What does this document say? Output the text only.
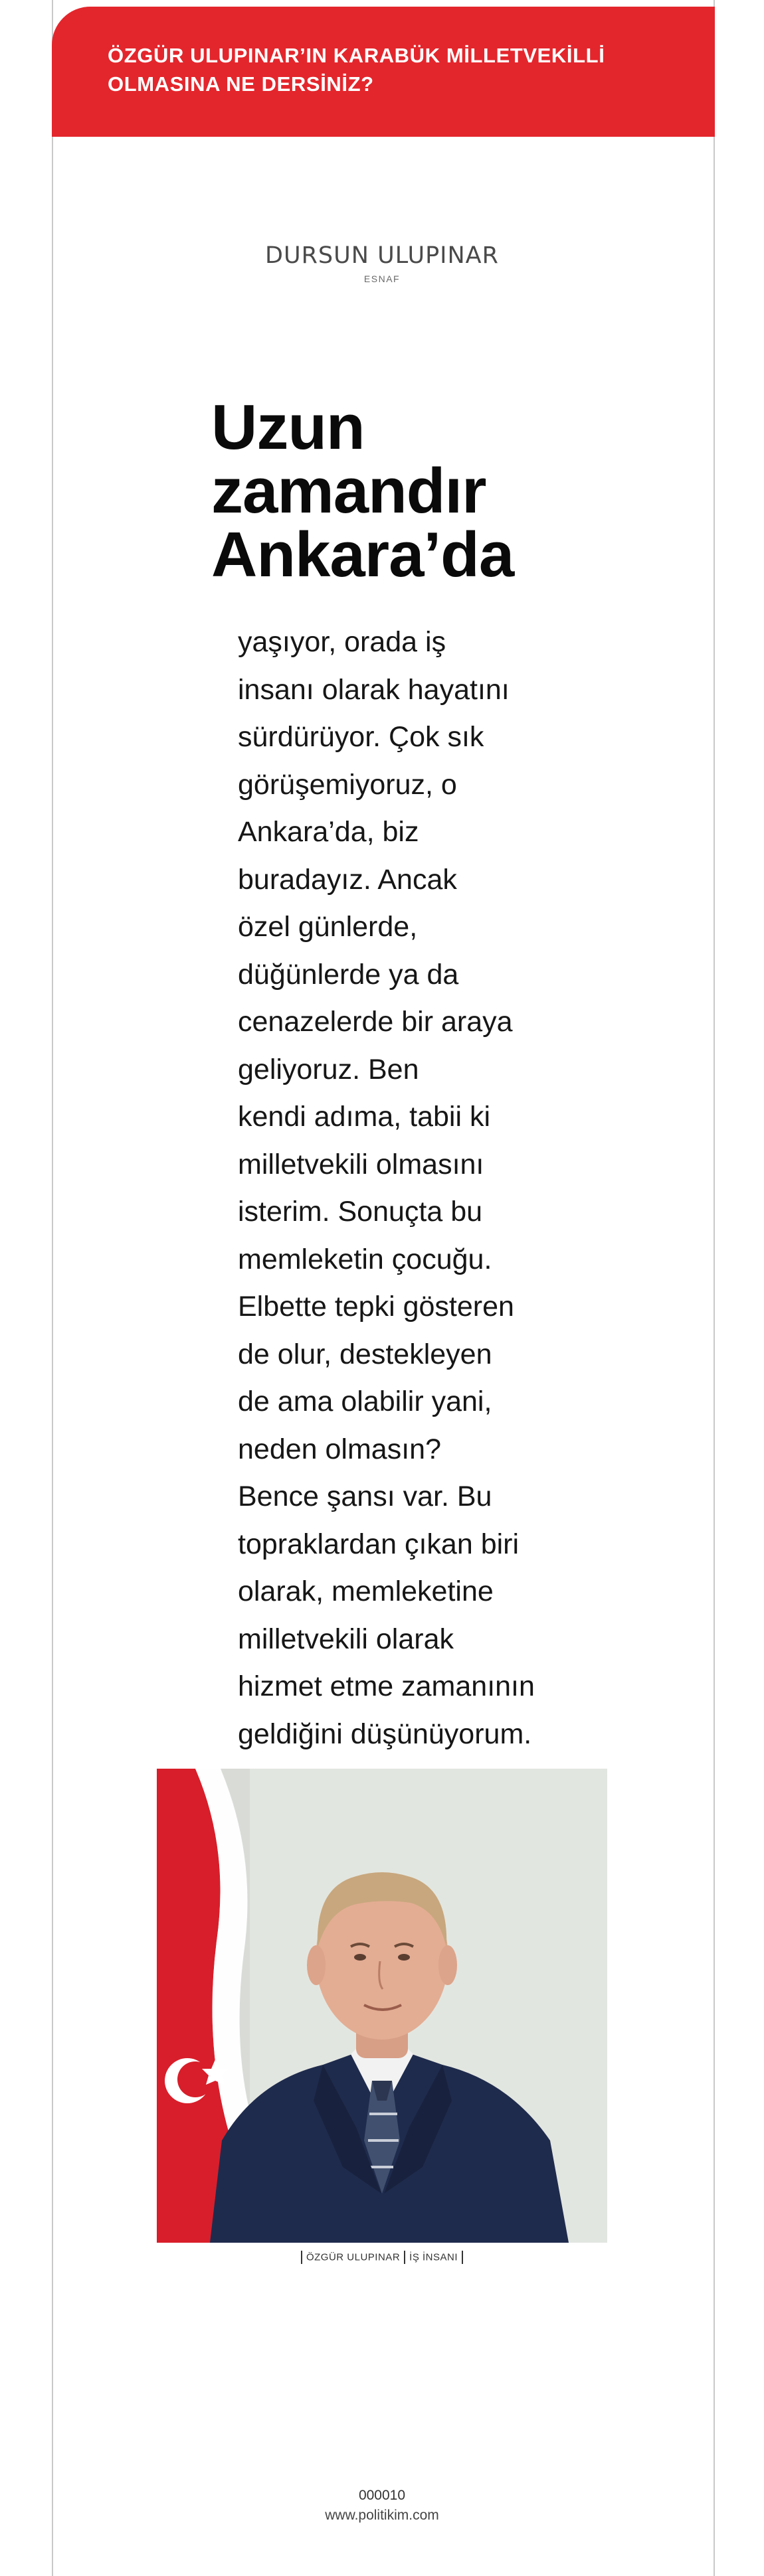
ÖZGÜR ULUPINAR’IN KARABÜK MİLLETVEKİLLİ OLMASINA NE DERSİNİZ?
DURSUN ULUPINAR
ESNAF
Uzun zamandır Ankara’da

yaşıyor, orada iş
insanı olarak hayatını
sürdürüyor. Çok sık
görüşemiyoruz, o
Ankara’da, biz
buradayız. Ancak
özel günlerde,
düğünlerde ya da
cenazelerde bir araya
geliyoruz. Ben
kendi adıma, tabii ki
milletvekili olmasını
isterim. Sonuçta bu
memleketin çocuğu.
Elbette tepki gösteren
de olur, destekleyen
de ama olabilir yani,
neden olmasın?
Bence şansı var. Bu
topraklardan çıkan biri
olarak, memleketine
milletvekili olarak
hizmet etme zamanının
geldiğini düşünüyorum.

ÖZGÜR ULUPINAR İŞ İNSANI
000010
www.politikim.com
